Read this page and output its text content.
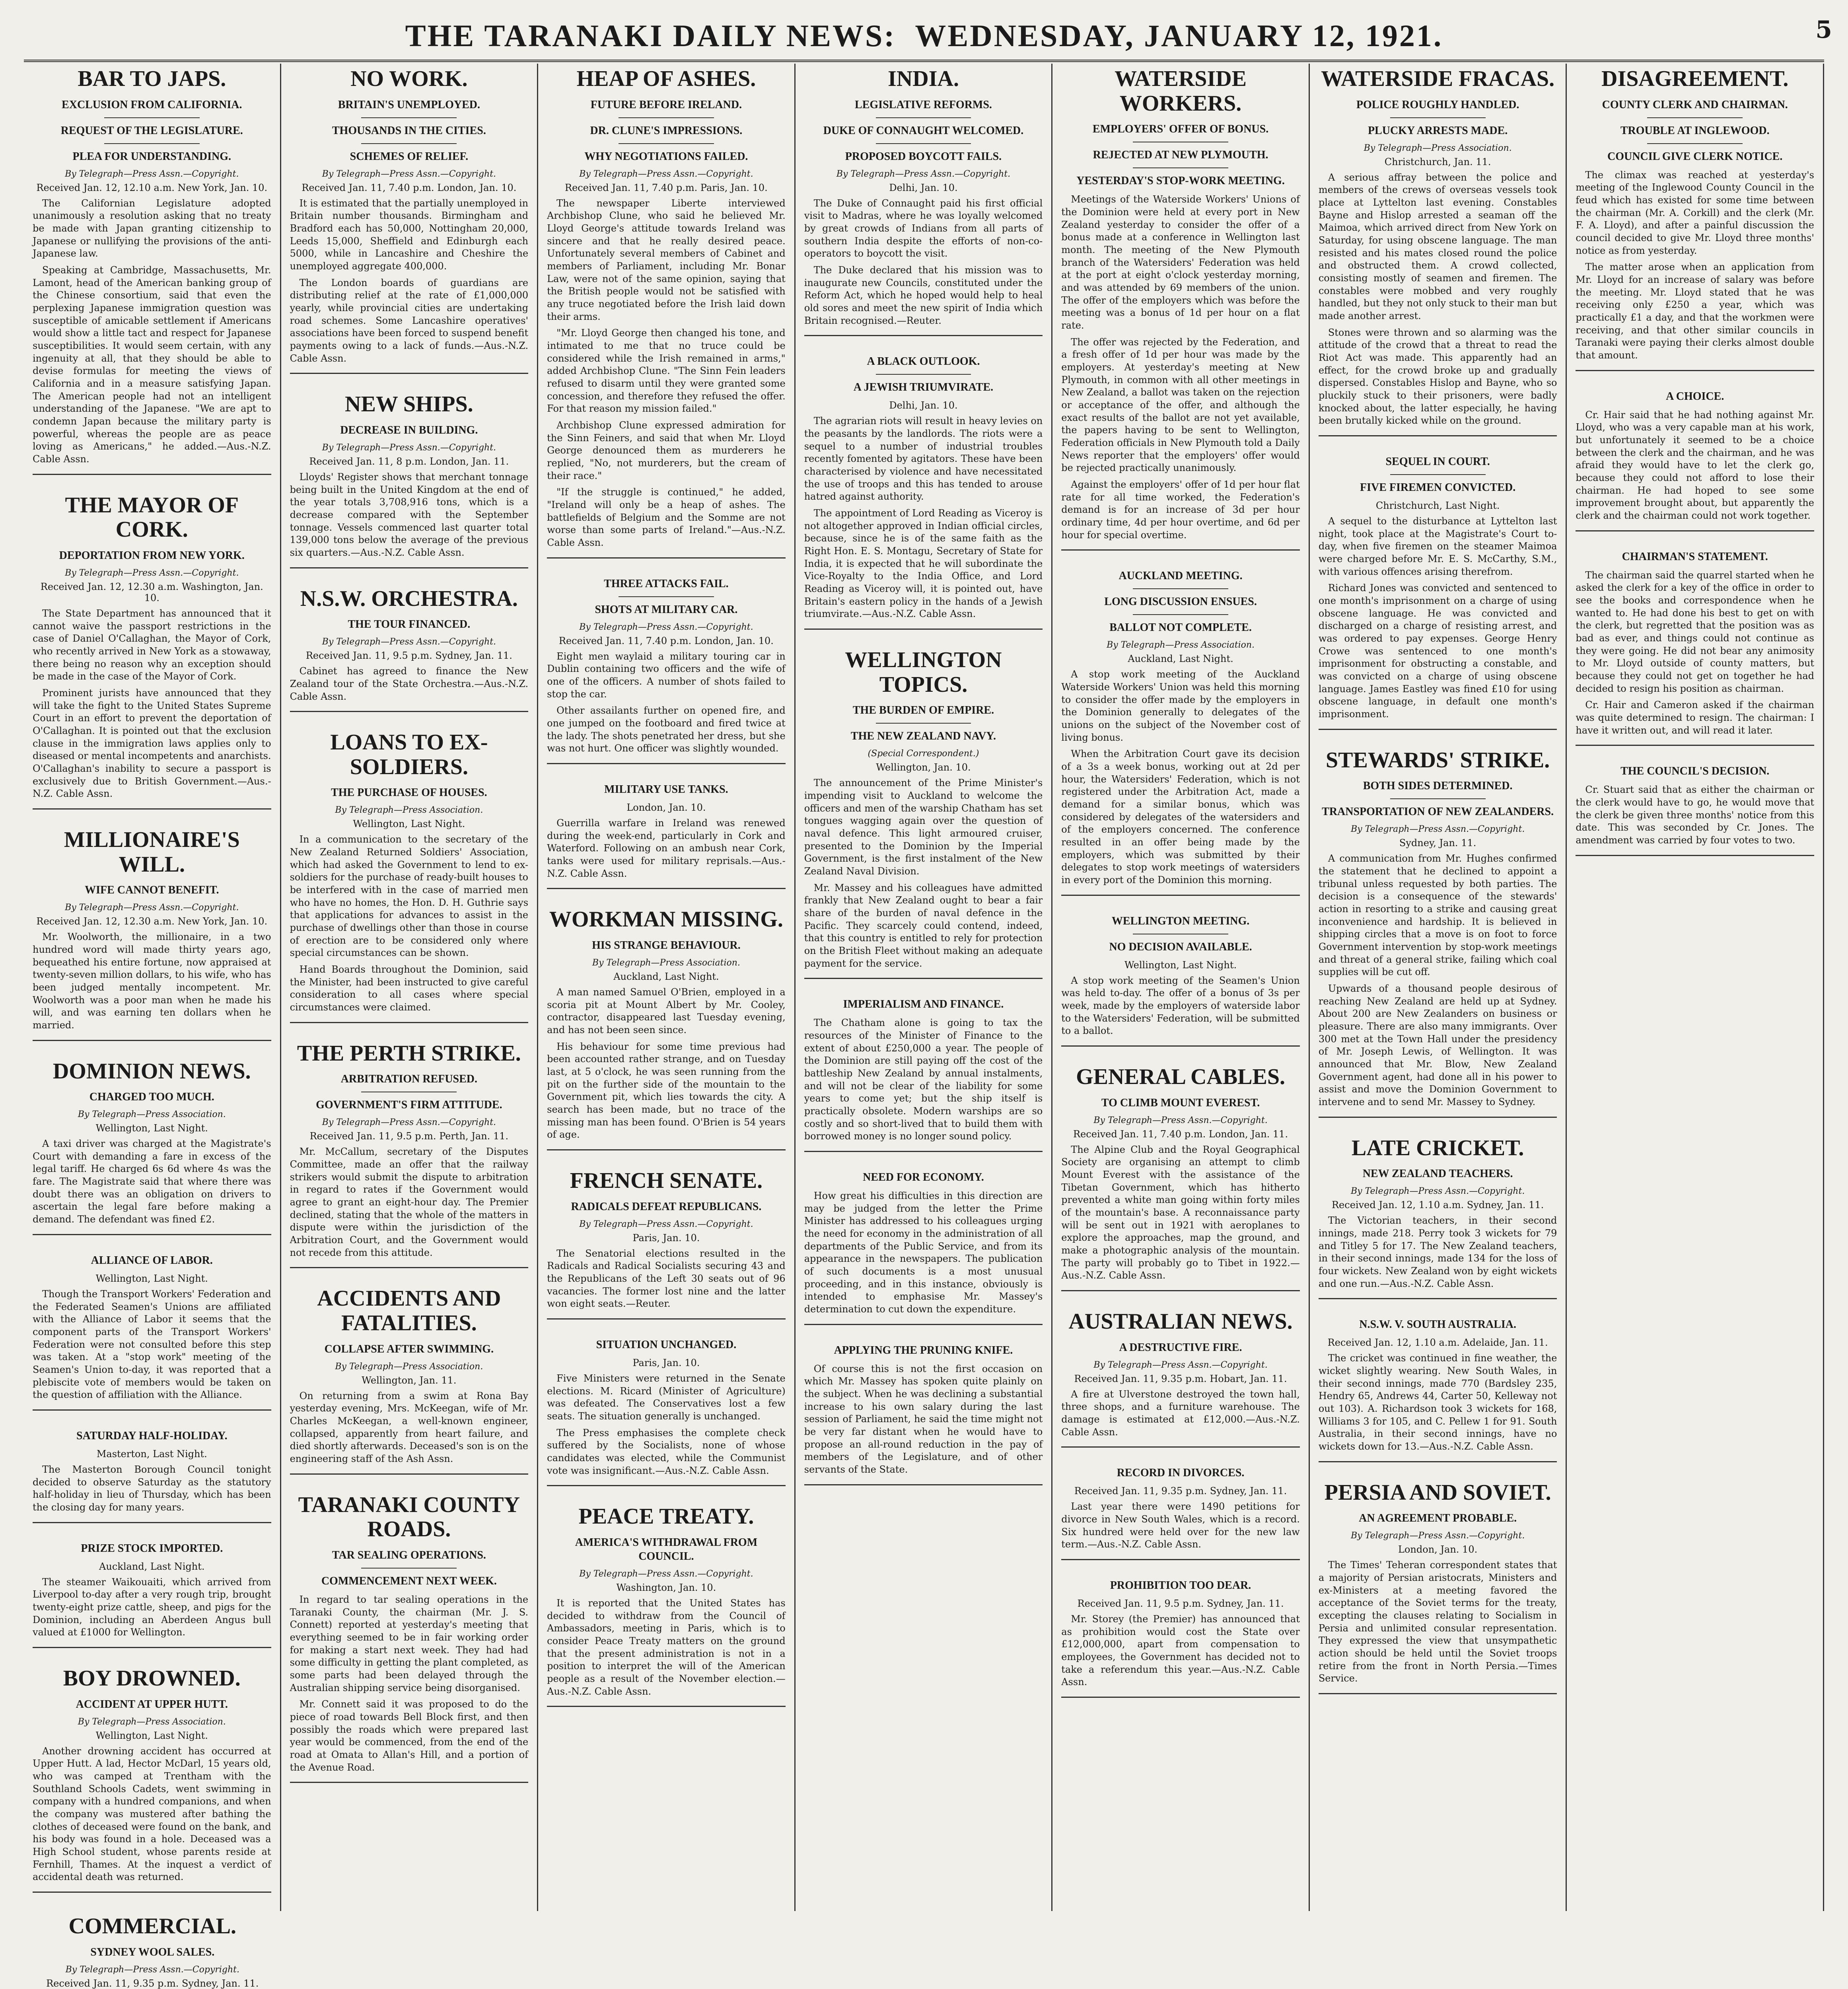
THE TARANAKI DAILY NEWS: WEDNESDAY, JANUARY 12, 1921.	5
BAR TO JAPS.
EXCLUSION FROM CALIFORNIA.
REQUEST OF THE LEGISLATURE.
PLEA FOR UNDERSTANDING.
By Telegraph—Press Assn.—Copyright.
Received Jan. 12, 12.10 a.m. New York, Jan. 10.

The Californian Legislature adopted unanimously a resolution asking that no treaty be made with Japan granting citizenship to Japanese or nullifying the provisions of the anti-Japanese law.

Speaking at Cambridge, Massachusetts, Mr. Lamont, head of the American banking group of the Chinese consortium, said that even the perplexing Japanese immigration question was susceptible of amicable settlement if Americans would show a little tact and respect for Japanese susceptibilities. It would seem certain, with any ingenuity at all, that they should be able to devise formulas for meeting the views of California and in a measure satisfying Japan. The American people had not an intelligent understanding of the Japanese. "We are apt to condemn Japan because the military party is powerful, whereas the people are as peace loving as Americans," he added.—Aus.-N.Z. Cable Assn.

THE MAYOR OF CORK.
DEPORTATION FROM NEW YORK.
By Telegraph—Press Assn.—Copyright.
Received Jan. 12, 12.30 a.m. Washington, Jan. 10.

The State Department has announced that it cannot waive the passport restrictions in the case of Daniel O'Callaghan, the Mayor of Cork, who recently arrived in New York as a stowaway, there being no reason why an exception should be made in the case of the Mayor of Cork.

Prominent jurists have announced that they will take the fight to the United States Supreme Court in an effort to prevent the deportation of O'Callaghan. It is pointed out that the exclusion clause in the immigration laws applies only to diseased or mental incompetents and anarchists. O'Callaghan's inability to secure a passport is exclusively due to British Government.—Aus.-N.Z. Cable Assn.

MILLIONAIRE'S WILL.
WIFE CANNOT BENEFIT.
By Telegraph—Press Assn.—Copyright.
Received Jan. 12, 12.30 a.m. New York, Jan. 10.

Mr. Woolworth, the millionaire, in a two hundred word will made thirty years ago, bequeathed his entire fortune, now appraised at twenty-seven million dollars, to his wife, who has been judged mentally incompetent. Mr. Woolworth was a poor man when he made his will, and was earning ten dollars when he married.

DOMINION NEWS.
CHARGED TOO MUCH.
By Telegraph—Press Association.
Wellington, Last Night.

A taxi driver was charged at the Magistrate's Court with demanding a fare in excess of the legal tariff. He charged 6s 6d where 4s was the fare. The Magistrate said that where there was doubt there was an obligation on drivers to ascertain the legal fare before making a demand. The defendant was fined £2.

ALLIANCE OF LABOR.
Wellington, Last Night.

Though the Transport Workers' Federation and the Federated Seamen's Unions are affiliated with the Alliance of Labor it seems that the component parts of the Transport Workers' Federation were not consulted before this step was taken. At a "stop work" meeting of the Seamen's Union to-day, it was reported that a plebiscite vote of members would be taken on the question of affiliation with the Alliance.

SATURDAY HALF-HOLIDAY.
Masterton, Last Night.

The Masterton Borough Council tonight decided to observe Saturday as the statutory half-holiday in lieu of Thursday, which has been the closing day for many years.

PRIZE STOCK IMPORTED.
Auckland, Last Night.

The steamer Waikouaiti, which arrived from Liverpool to-day after a very rough trip, brought twenty-eight prize cattle, sheep, and pigs for the Dominion, including an Aberdeen Angus bull valued at £1000 for Wellington.

BOY DROWNED.
ACCIDENT AT UPPER HUTT.
By Telegraph—Press Association.
Wellington, Last Night.

Another drowning accident has occurred at Upper Hutt. A lad, Hector McDarl, 15 years old, who was camped at Trentham with the Southland Schools Cadets, went swimming in company with a hundred companions, and when the company was mustered after bathing the clothes of deceased were found on the bank, and his body was found in a hole. Deceased was a High School student, whose parents reside at Fernhill, Thames. At the inquest a verdict of accidental death was returned.

NO WORK.
BRITAIN'S UNEMPLOYED.
THOUSANDS IN THE CITIES.
SCHEMES OF RELIEF.
By Telegraph—Press Assn.—Copyright.
Received Jan. 11, 7.40 p.m. London, Jan. 10.

It is estimated that the partially unemployed in Britain number thousands. Birmingham and Bradford each has 50,000, Nottingham 20,000, Leeds 15,000, Sheffield and Edinburgh each 5000, while in Lancashire and Cheshire the unemployed aggregate 400,000.

The London boards of guardians are distributing relief at the rate of £1,000,000 yearly, while provincial cities are undertaking road schemes. Some Lancashire operatives' associations have been forced to suspend benefit payments owing to a lack of funds.—Aus.-N.Z. Cable Assn.

NEW SHIPS.
DECREASE IN BUILDING.
By Telegraph—Press Assn.—Copyright.
Received Jan. 11, 8 p.m. London, Jan. 11.

Lloyds' Register shows that merchant tonnage being built in the United Kingdom at the end of the year totals 3,708,916 tons, which is a decrease compared with the September tonnage. Vessels commenced last quarter total 139,000 tons below the average of the previous six quarters.—Aus.-N.Z. Cable Assn.

N.S.W. ORCHESTRA.
THE TOUR FINANCED.
By Telegraph—Press Assn.—Copyright.
Received Jan. 11, 9.5 p.m. Sydney, Jan. 11.

Cabinet has agreed to finance the New Zealand tour of the State Orchestra.—Aus.-N.Z. Cable Assn.

LOANS TO EX-SOLDIERS.
THE PURCHASE OF HOUSES.
By Telegraph—Press Association.
Wellington, Last Night.

In a communication to the secretary of the New Zealand Returned Soldiers' Association, which had asked the Government to lend to ex-soldiers for the purchase of ready-built houses to be interfered with in the case of married men who have no homes, the Hon. D. H. Guthrie says that applications for advances to assist in the purchase of dwellings other than those in course of erection are to be considered only where special circumstances can be shown.

Hand Boards throughout the Dominion, said the Minister, had been instructed to give careful consideration to all cases where special circumstances were claimed.

THE PERTH STRIKE.
ARBITRATION REFUSED.
GOVERNMENT'S FIRM ATTITUDE.
By Telegraph—Press Assn.—Copyright.
Received Jan. 11, 9.5 p.m. Perth, Jan. 11.

Mr. McCallum, secretary of the Disputes Committee, made an offer that the railway strikers would submit the dispute to arbitration in regard to rates if the Government would agree to grant an eight-hour day. The Premier declined, stating that the whole of the matters in dispute were within the jurisdiction of the Arbitration Court, and the Government would not recede from this attitude.

ACCIDENTS AND FATALITIES.
COLLAPSE AFTER SWIMMING.
By Telegraph—Press Association.
Wellington, Jan. 11.

On returning from a swim at Rona Bay yesterday evening, Mrs. McKeegan, wife of Mr. Charles McKeegan, a well-known engineer, collapsed, apparently from heart failure, and died shortly afterwards. Deceased's son is on the engineering staff of the Ash Assn.

TARANAKI COUNTY ROADS.
TAR SEALING OPERATIONS.
COMMENCEMENT NEXT WEEK.

In regard to tar sealing operations in the Taranaki County, the chairman (Mr. J. S. Connett) reported at yesterday's meeting that everything seemed to be in fair working order for making a start next week. They had had some difficulty in getting the plant completed, as some parts had been delayed through the Australian shipping service being disorganised.

Mr. Connett said it was proposed to do the piece of road towards Bell Block first, and then possibly the roads which were prepared last year would be commenced, from the end of the road at Omata to Allan's Hill, and a portion of the Avenue Road.

HEAP OF ASHES.
FUTURE BEFORE IRELAND.
DR. CLUNE'S IMPRESSIONS.
WHY NEGOTIATIONS FAILED.
By Telegraph—Press Assn.—Copyright.
Received Jan. 11, 7.40 p.m. Paris, Jan. 10.

The newspaper Liberte interviewed Archbishop Clune, who said he believed Mr. Lloyd George's attitude towards Ireland was sincere and that he really desired peace. Unfortunately several members of Cabinet and members of Parliament, including Mr. Bonar Law, were not of the same opinion, saying that the British people would not be satisfied with any truce negotiated before the Irish laid down their arms.

"Mr. Lloyd George then changed his tone, and intimated to me that no truce could be considered while the Irish remained in arms," added Archbishop Clune. "The Sinn Fein leaders refused to disarm until they were granted some concession, and therefore they refused the offer. For that reason my mission failed."

Archbishop Clune expressed admiration for the Sinn Feiners, and said that when Mr. Lloyd George denounced them as murderers he replied, "No, not murderers, but the cream of their race."

"If the struggle is continued," he added, "Ireland will only be a heap of ashes. The battlefields of Belgium and the Somme are not worse than some parts of Ireland."—Aus.-N.Z. Cable Assn.

THREE ATTACKS FAIL.
SHOTS AT MILITARY CAR.
By Telegraph—Press Assn.—Copyright.
Received Jan. 11, 7.40 p.m. London, Jan. 10.

Eight men waylaid a military touring car in Dublin containing two officers and the wife of one of the officers. A number of shots failed to stop the car.

Other assailants further on opened fire, and one jumped on the footboard and fired twice at the lady. The shots penetrated her dress, but she was not hurt. One officer was slightly wounded.

MILITARY USE TANKS.
London, Jan. 10.

Guerrilla warfare in Ireland was renewed during the week-end, particularly in Cork and Waterford. Following on an ambush near Cork, tanks were used for military reprisals.—Aus.-N.Z. Cable Assn.

WORKMAN MISSING.
HIS STRANGE BEHAVIOUR.
By Telegraph—Press Association.
Auckland, Last Night.

A man named Samuel O'Brien, employed in a scoria pit at Mount Albert by Mr. Cooley, contractor, disappeared last Tuesday evening, and has not been seen since.

His behaviour for some time previous had been accounted rather strange, and on Tuesday last, at 5 o'clock, he was seen running from the pit on the further side of the mountain to the Government pit, which lies towards the city. A search has been made, but no trace of the missing man has been found. O'Brien is 54 years of age.

FRENCH SENATE.
RADICALS DEFEAT REPUBLICANS.
By Telegraph—Press Assn.—Copyright.
Paris, Jan. 10.

The Senatorial elections resulted in the Radicals and Radical Socialists securing 43 and the Republicans of the Left 30 seats out of 96 vacancies. The former lost nine and the latter won eight seats.—Reuter.

SITUATION UNCHANGED.
Paris, Jan. 10.

Five Ministers were returned in the Senate elections. M. Ricard (Minister of Agriculture) was defeated. The Conservatives lost a few seats. The situation generally is unchanged.

The Press emphasises the complete check suffered by the Socialists, none of whose candidates was elected, while the Communist vote was insignificant.—Aus.-N.Z. Cable Assn.

PEACE TREATY.
AMERICA'S WITHDRAWAL FROM COUNCIL.
By Telegraph—Press Assn.—Copyright.
Washington, Jan. 10.

It is reported that the United States has decided to withdraw from the Council of Ambassadors, meeting in Paris, which is to consider Peace Treaty matters on the ground that the present administration is not in a position to interpret the will of the American people as a result of the November election.—Aus.-N.Z. Cable Assn.

INDIA.
LEGISLATIVE REFORMS.
DUKE OF CONNAUGHT WELCOMED.
PROPOSED BOYCOTT FAILS.
By Telegraph—Press Assn.—Copyright.
Delhi, Jan. 10.

The Duke of Connaught paid his first official visit to Madras, where he was loyally welcomed by great crowds of Indians from all parts of southern India despite the efforts of non-co-operators to boycott the visit.

The Duke declared that his mission was to inaugurate new Councils, constituted under the Reform Act, which he hoped would help to heal old sores and meet the new spirit of India which Britain recognised.—Reuter.

A BLACK OUTLOOK.
A JEWISH TRIUMVIRATE.
Delhi, Jan. 10.

The agrarian riots will result in heavy levies on the peasants by the landlords. The riots were a sequel to a number of industrial troubles recently fomented by agitators. These have been characterised by violence and have necessitated the use of troops and this has tended to arouse hatred against authority.

The appointment of Lord Reading as Viceroy is not altogether approved in Indian official circles, because, since he is of the same faith as the Right Hon. E. S. Montagu, Secretary of State for India, it is expected that he will subordinate the Vice-Royalty to the India Office, and Lord Reading as Viceroy will, it is pointed out, have Britain's eastern policy in the hands of a Jewish triumvirate.—Aus.-N.Z. Cable Assn.

WELLINGTON TOPICS.
THE BURDEN OF EMPIRE.
THE NEW ZEALAND NAVY.
(Special Correspondent.)
Wellington, Jan. 10.

The announcement of the Prime Minister's impending visit to Auckland to welcome the officers and men of the warship Chatham has set tongues wagging again over the question of naval defence. This light armoured cruiser, presented to the Dominion by the Imperial Government, is the first instalment of the New Zealand Naval Division.

Mr. Massey and his colleagues have admitted frankly that New Zealand ought to bear a fair share of the burden of naval defence in the Pacific. They scarcely could contend, indeed, that this country is entitled to rely for protection on the British Fleet without making an adequate payment for the service.

IMPERIALISM AND FINANCE.

The Chatham alone is going to tax the resources of the Minister of Finance to the extent of about £250,000 a year. The people of the Dominion are still paying off the cost of the battleship New Zealand by annual instalments, and will not be clear of the liability for some years to come yet; but the ship itself is practically obsolete. Modern warships are so costly and so short-lived that to build them with borrowed money is no longer sound policy.

NEED FOR ECONOMY.

How great his difficulties in this direction are may be judged from the letter the Prime Minister has addressed to his colleagues urging the need for economy in the administration of all departments of the Public Service, and from its appearance in the newspapers. The publication of such documents is a most unusual proceeding, and in this instance, obviously is intended to emphasise Mr. Massey's determination to cut down the expenditure.

APPLYING THE PRUNING KNIFE.

Of course this is not the first occasion on which Mr. Massey has spoken quite plainly on the subject. When he was declining a substantial increase to his own salary during the last session of Parliament, he said the time might not be very far distant when he would have to propose an all-round reduction in the pay of members of the Legislature, and of other servants of the State.

WATERSIDE WORKERS.
EMPLOYERS' OFFER OF BONUS.
REJECTED AT NEW PLYMOUTH.
YESTERDAY'S STOP-WORK MEETING.

Meetings of the Waterside Workers' Unions of the Dominion were held at every port in New Zealand yesterday to consider the offer of a bonus made at a conference in Wellington last month. The meeting of the New Plymouth branch of the Watersiders' Federation was held at the port at eight o'clock yesterday morning, and was attended by 69 members of the union. The offer of the employers which was before the meeting was a bonus of 1d per hour on a flat rate.

The offer was rejected by the Federation, and a fresh offer of 1d per hour was made by the employers. At yesterday's meeting at New Plymouth, in common with all other meetings in New Zealand, a ballot was taken on the rejection or acceptance of the offer, and although the exact results of the ballot are not yet available, the papers having to be sent to Wellington, Federation officials in New Plymouth told a Daily News reporter that the employers' offer would be rejected practically unanimously.

Against the employers' offer of 1d per hour flat rate for all time worked, the Federation's demand is for an increase of 3d per hour ordinary time, 4d per hour overtime, and 6d per hour for special overtime.

AUCKLAND MEETING.
LONG DISCUSSION ENSUES.
BALLOT NOT COMPLETE.
By Telegraph—Press Association.
Auckland, Last Night.

A stop work meeting of the Auckland Waterside Workers' Union was held this morning to consider the offer made by the employers in the Dominion generally to delegates of the unions on the subject of the November cost of living bonus.

When the Arbitration Court gave its decision of a 3s a week bonus, working out at 2d per hour, the Watersiders' Federation, which is not registered under the Arbitration Act, made a demand for a similar bonus, which was considered by delegates of the watersiders and of the employers concerned. The conference resulted in an offer being made by the employers, which was submitted by their delegates to stop work meetings of watersiders in every port of the Dominion this morning.

WELLINGTON MEETING.
NO DECISION AVAILABLE.
Wellington, Last Night.

A stop work meeting of the Seamen's Union was held to-day. The offer of a bonus of 3s per week, made by the employers of waterside labor to the Watersiders' Federation, will be submitted to a ballot.

GENERAL CABLES.
TO CLIMB MOUNT EVEREST.
By Telegraph—Press Assn.—Copyright.
Received Jan. 11, 7.40 p.m. London, Jan. 11.

The Alpine Club and the Royal Geographical Society are organising an attempt to climb Mount Everest with the assistance of the Tibetan Government, which has hitherto prevented a white man going within forty miles of the mountain's base. A reconnaissance party will be sent out in 1921 with aeroplanes to explore the approaches, map the ground, and make a photographic analysis of the mountain. The party will probably go to Tibet in 1922.—Aus.-N.Z. Cable Assn.

AUSTRALIAN NEWS.
A DESTRUCTIVE FIRE.
By Telegraph—Press Assn.—Copyright.
Received Jan. 11, 9.35 p.m. Hobart, Jan. 11.

A fire at Ulverstone destroyed the town hall, three shops, and a furniture warehouse. The damage is estimated at £12,000.—Aus.-N.Z. Cable Assn.

RECORD IN DIVORCES.
Received Jan. 11, 9.35 p.m. Sydney, Jan. 11.

Last year there were 1490 petitions for divorce in New South Wales, which is a record. Six hundred were held over for the new law term.—Aus.-N.Z. Cable Assn.

PROHIBITION TOO DEAR.
Received Jan. 11, 9.5 p.m. Sydney, Jan. 11.

Mr. Storey (the Premier) has announced that as prohibition would cost the State over £12,000,000, apart from compensation to employees, the Government has decided not to take a referendum this year.—Aus.-N.Z. Cable Assn.

WATERSIDE FRACAS.
POLICE ROUGHLY HANDLED.
PLUCKY ARRESTS MADE.
By Telegraph—Press Association.
Christchurch, Jan. 11.

A serious affray between the police and members of the crews of overseas vessels took place at Lyttelton last evening. Constables Bayne and Hislop arrested a seaman off the Maimoa, which arrived direct from New York on Saturday, for using obscene language. The man resisted and his mates closed round the police and obstructed them. A crowd collected, consisting mostly of seamen and firemen. The constables were mobbed and very roughly handled, but they not only stuck to their man but made another arrest.

Stones were thrown and so alarming was the attitude of the crowd that a threat to read the Riot Act was made. This apparently had an effect, for the crowd broke up and gradually dispersed. Constables Hislop and Bayne, who so pluckily stuck to their prisoners, were badly knocked about, the latter especially, he having been brutally kicked while on the ground.

SEQUEL IN COURT.
FIVE FIREMEN CONVICTED.
Christchurch, Last Night.

A sequel to the disturbance at Lyttelton last night, took place at the Magistrate's Court to-day, when five firemen on the steamer Maimoa were charged before Mr. E. S. McCarthy, S.M., with various offences arising therefrom.

Richard Jones was convicted and sentenced to one month's imprisonment on a charge of using obscene language. He was convicted and discharged on a charge of resisting arrest, and was ordered to pay expenses. George Henry Crowe was sentenced to one month's imprisonment for obstructing a constable, and was convicted on a charge of using obscene language. James Eastley was fined £10 for using obscene language, in default one month's imprisonment.

STEWARDS' STRIKE.
BOTH SIDES DETERMINED.
TRANSPORTATION OF NEW ZEALANDERS.
By Telegraph—Press Assn.—Copyright.
Sydney, Jan. 11.

A communication from Mr. Hughes confirmed the statement that he declined to appoint a tribunal unless requested by both parties. The decision is a consequence of the stewards' action in resorting to a strike and causing great inconvenience and hardship. It is believed in shipping circles that a move is on foot to force Government intervention by stop-work meetings and threat of a general strike, failing which coal supplies will be cut off.

Upwards of a thousand people desirous of reaching New Zealand are held up at Sydney. About 200 are New Zealanders on business or pleasure. There are also many immigrants. Over 300 met at the Town Hall under the presidency of Mr. Joseph Lewis, of Wellington. It was announced that Mr. Blow, New Zealand Government agent, had done all in his power to assist and move the Dominion Government to intervene and to send Mr. Massey to Sydney.

LATE CRICKET.
NEW ZEALAND TEACHERS.
By Telegraph—Press Assn.—Copyright.
Received Jan. 12, 1.10 a.m. Sydney, Jan. 11.

The Victorian teachers, in their second innings, made 218. Perry took 3 wickets for 79 and Titley 5 for 17. The New Zealand teachers, in their second innings, made 134 for the loss of four wickets. New Zealand won by eight wickets and one run.—Aus.-N.Z. Cable Assn.

N.S.W. V. SOUTH AUSTRALIA.
Received Jan. 12, 1.10 a.m. Adelaide, Jan. 11.

The cricket was continued in fine weather, the wicket slightly wearing. New South Wales, in their second innings, made 770 (Bardsley 235, Hendry 65, Andrews 44, Carter 50, Kelleway not out 103). A. Richardson took 3 wickets for 168, Williams 3 for 105, and C. Pellew 1 for 91. South Australia, in their second innings, have no wickets down for 13.—Aus.-N.Z. Cable Assn.

PERSIA AND SOVIET.
AN AGREEMENT PROBABLE.
By Telegraph—Press Assn.—Copyright.
London, Jan. 10.

The Times' Teheran correspondent states that a majority of Persian aristocrats, Ministers and ex-Ministers at a meeting favored the acceptance of the Soviet terms for the treaty, excepting the clauses relating to Socialism in Persia and unlimited consular representation. They expressed the view that unsympathetic action should be held until the Soviet troops retire from the front in North Persia.—Times Service.

DISAGREEMENT.
COUNTY CLERK AND CHAIRMAN.
TROUBLE AT INGLEWOOD.
COUNCIL GIVE CLERK NOTICE.

The climax was reached at yesterday's meeting of the Inglewood County Council in the feud which has existed for some time between the chairman (Mr. A. Corkill) and the clerk (Mr. F. A. Lloyd), and after a painful discussion the council decided to give Mr. Lloyd three months' notice as from yesterday.

The matter arose when an application from Mr. Lloyd for an increase of salary was before the meeting. Mr. Lloyd stated that he was receiving only £250 a year, which was practically £1 a day, and that the workmen were receiving, and that other similar councils in Taranaki were paying their clerks almost double that amount.

A CHOICE.

Cr. Hair said that he had nothing against Mr. Lloyd, who was a very capable man at his work, but unfortunately it seemed to be a choice between the clerk and the chairman, and he was afraid they would have to let the clerk go, because they could not afford to lose their chairman. He had hoped to see some improvement brought about, but apparently the clerk and the chairman could not work together.

CHAIRMAN'S STATEMENT.

The chairman said the quarrel started when he asked the clerk for a key of the office in order to see the books and correspondence when he wanted to. He had done his best to get on with the clerk, but regretted that the position was as bad as ever, and things could not continue as they were going. He did not bear any animosity to Mr. Lloyd outside of county matters, but because they could not get on together he had decided to resign his position as chairman.

Cr. Hair and Cameron asked if the chairman was quite determined to resign. The chairman: I have it written out, and will read it later.

THE COUNCIL'S DECISION.

Cr. Stuart said that as either the chairman or the clerk would have to go, he would move that the clerk be given three months' notice from this date. This was seconded by Cr. Jones. The amendment was carried by four votes to two.

COMMERCIAL.
SYDNEY WOOL SALES.
By Telegraph—Press Assn.—Copyright.
Received Jan. 11, 9.35 p.m. Sydney, Jan. 11.
